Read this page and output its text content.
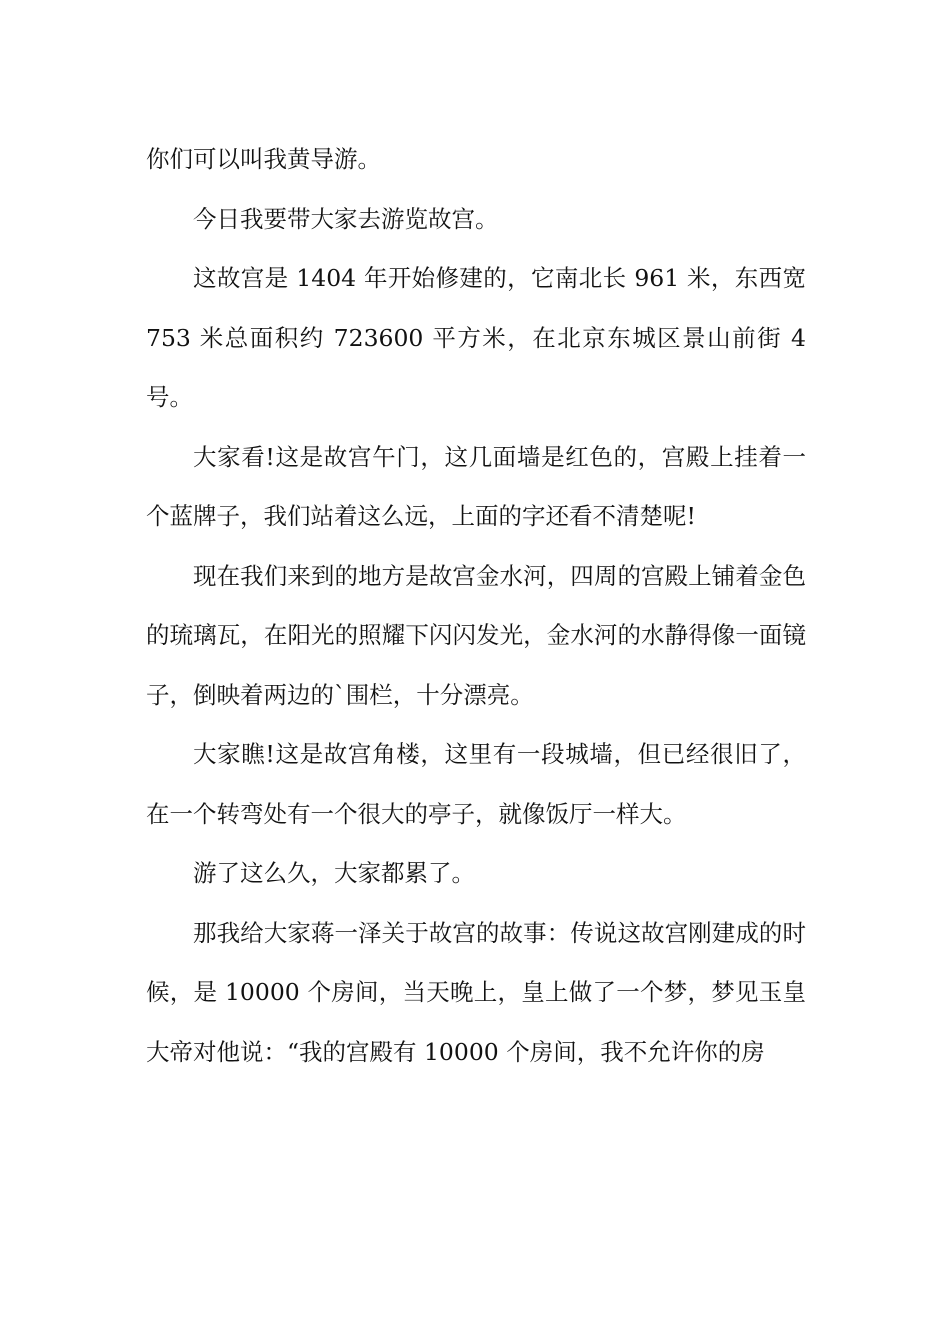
你们可以叫我黄导游。

今日我要带大家去游览故宫。

这故宫是 1404 年开始修建的，它南北长 961 米，东西宽 753 米总面积约 723600 平方米，在北京东城区景山前街 4 号。

大家看!这是故宫午门，这几面墙是红色的，宫殿上挂着一个蓝牌子，我们站着这么远，上面的字还看不清楚呢!

现在我们来到的地方是故宫金水河，四周的宫殿上铺着金色的琉璃瓦，在阳光的照耀下闪闪发光，金水河的水静得像一面镜子，倒映着两边的`围栏，十分漂亮。

大家瞧!这是故宫角楼，这里有一段城墙，但已经很旧了，在一个转弯处有一个很大的亭子，就像饭厅一样大。

游了这么久，大家都累了。

那我给大家蒋一泽关于故宫的故事：传说这故宫刚建成的时候，是 10000 个房间，当天晚上，皇上做了一个梦，梦见玉皇大帝对他说：“我的宫殿有 10000 个房间，我不允许你的房
